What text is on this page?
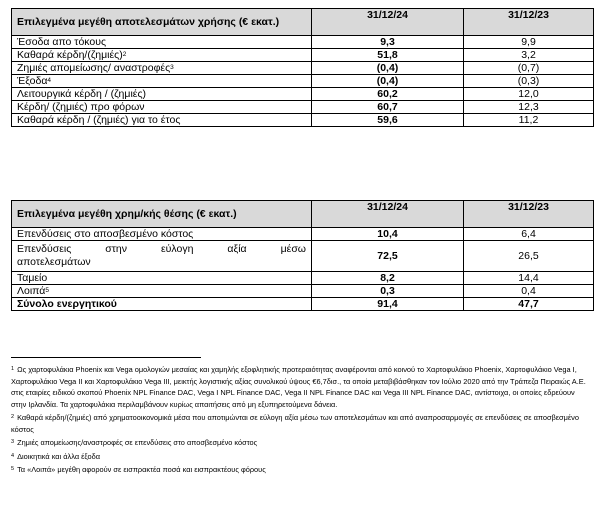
Επιλεγμένα μεγέθη αποτελεσμάτων χρήσης (€ εκατ.)	31/12/24	31/12/23
Έσοδα απο τόκους	9,3	9,9
Καθαρά κέρδη/$(\zeta\eta\mu\iota έ\varsigma)^2$	51,8	3,2
Ζημιές απομείωσης/ αναστροφές$^3$	(0,4)	(0,7)
Έξοδα$^4$	(0,4)	(0,3)
Λειτουργικά κέρδη / (ζημιές)	60,2	12,0
Κέρδη/ (ζημιές) προ φόρων	60,7	12,3
Καθαρά κέρδη / (ζημιές) για το έτος	59,6	11,2
Επιλεγμένα μεγέθη χρημ/κής θέσης (€ εκατ.)	31/12/24	31/12/23
Επενδύσεις στο αποσβεσμένο κόστος	10,4	6,4

Επενδύσεις στην εύλογη αξία μέσω
αποτελεσμάτων	72,5	26,5
Ταμείο	8,2	14,4
Λοιπά$^5$	0,3	0,4
Σύνολο ενεργητικού	91,4	47,7
$^1$ Ως χαρτοφυλάκια Phoenix και Vega ομολογιών μεσαίας και χαμηλής εξοφλητικής προτεραιότητας αναφέρονται από κοινού το Χαρτοφυλάκιο Phoenix, Χαρτοφυλάκιο Vega I, Χαρτοφυλάκιο Vega II και Χαρτοφυλάκιο Vega III, μεικτής λογιστικής αξίας συνολικού ύψους €6,7δισ., τα οποία μεταβιβάσθηκαν τον Ιούλιο 2020 από την Τράπεζα Πειραιώς Α.Ε. στις εταιρίες ειδικού σκοπού Phoenix NPL Finance DAC, Vega I NPL Finance DAC, Vega II NPL Finance DAC και Vega III NPL Finance DAC, αντίστοιχα, οι οποίες εδρεύουν στην Ιρλανδία. Τα χαρτοφυλάκια περιλαμβάνουν κυρίως απαιτήσεις από μη εξυπηρετούμενα δάνεια.
$^2$ Καθαρά κέρδη/(ζημιές) από χρηματοοικονομικά μέσα που αποτιμώνται σε εύλογη αξία μέσω των αποτελεσμάτων και από αναπροσαρμογές σε επενδύσεις σε αποσβεσμένο κόστος
$^3$ Ζημιές απομείωσης/αναστροφές σε επενδύσεις στο αποσβεσμένο κόστος
$^4$ Διοικητικά και άλλα έξοδα
$^5$ Τα «Λοιπά» μεγέθη αφορούν σε εισπρακτέα ποσά και εισπρακτέους φόρους
